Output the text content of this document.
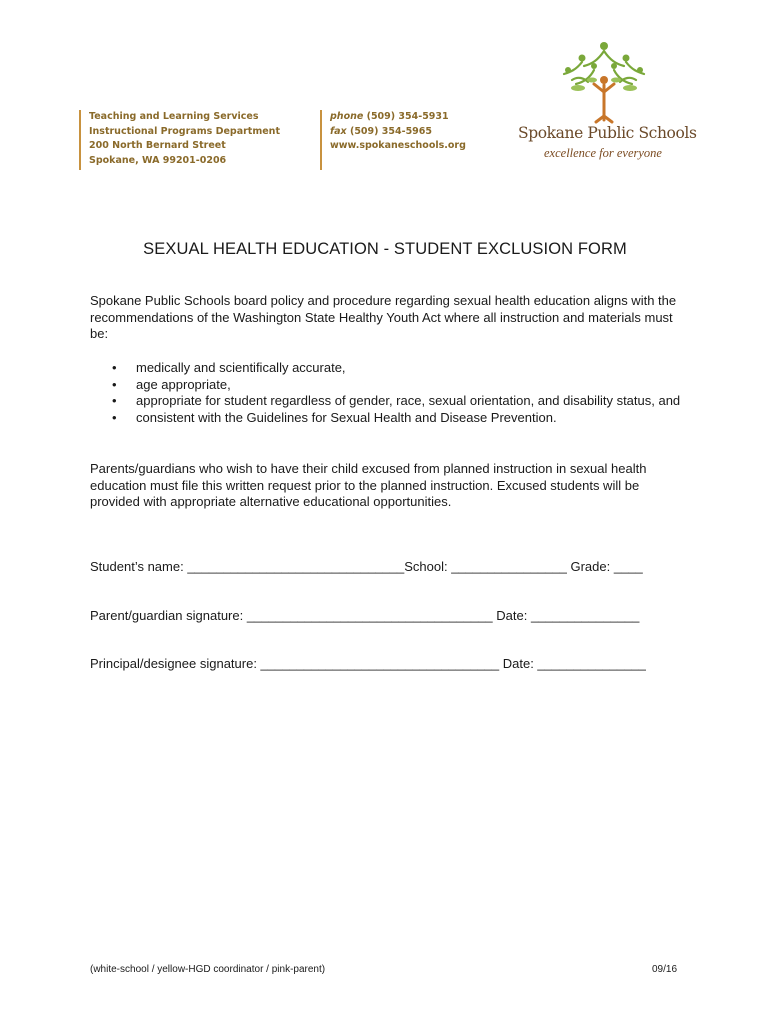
Teaching and Learning Services
Instructional Programs Department
200 North Bernard Street
Spokane, WA 99201-0206
phone (509) 354-5931
fax (509) 354-5965
www.spokaneschools.org
Spokane Public Schools
excellence for everyone
SEXUAL HEALTH EDUCATION - STUDENT EXCLUSION FORM
Spokane Public Schools board policy and procedure regarding sexual health education aligns with the recommendations of the Washington State Healthy Youth Act where all instruction and materials must be:
• medically and scientifically accurate,
• age appropriate,
• appropriate for student regardless of gender, race, sexual orientation, and disability status, and
• consistent with the Guidelines for Sexual Health and Disease Prevention.
Parents/guardians who wish to have their child excused from planned instruction in sexual health education must file this written request prior to the planned instruction. Excused students will be provided with appropriate alternative educational opportunities.
Student’s name: ______________________________School: ________________ Grade: ____
Parent/guardian signature: __________________________________ Date: _______________
Principal/designee signature: _________________________________ Date: _______________
(white-school / yellow-HGD coordinator / pink-parent)	09/16
